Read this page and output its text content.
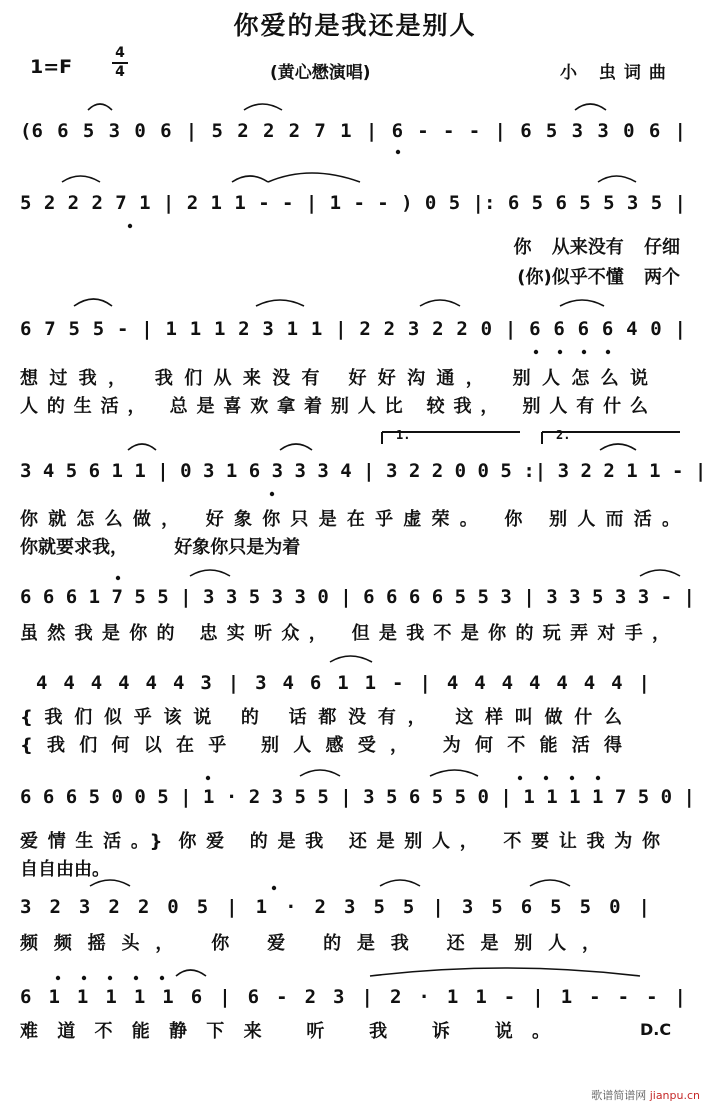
你爱的是我还是别人
1=F
4
4	(黄心懋演唱)	小 虫词曲
(6 6 5 3 0 6 | 5 2 2 2 7 1 | 6 - - - | 6 5 3 3 0 6 |
5 2 2 2 7 1 | 2 1 1 - - | 1 - - ) 0 5 |: 6 5 6 5 5 3 5 |
你 从来没有 仔细
(你)似乎不懂 两个
6 7 5 5 - | 1 1 1 2 3 1 1 | 2 2 3 2 2 0 | 6 6 6 6 4 0 |
想过我， 我们从来没有 好好沟通， 别人怎么说
人的生活， 总是喜欢拿着别人比 较我， 别人有什么
1.	2.
3 4 5 6 1 1 | 0 3 1 6 3 3 3 4 | 3 2 2 0 0 5 :| 3 2 2 1 1 - |
你就怎么做， 好象你只是在乎虚荣。 你 别人而活。
你就要求我， 好象你只是为着
6 6 6 1 7 5 5 | 3 3 5 3 3 0 | 6 6 6 6 5 5 3 | 3 3 5 3 3 - |
虽然我是你的 忠实听众， 但是我不是你的玩弄对手，
4 4 4 4 4 4 3 | 3 4 6 1 1 - | 4 4 4 4 4 4 4 |
{我们似乎该说 的 话都没有， 这样叫做什么
{我们何以在乎 别人感受， 为何不能活得
6 6 6 5 0 0 5 | 1 · 2 3 5 5 | 3 5 6 5 5 0 | 1 1 1 1 7 5 0 |
爱情生活。} 你爱 的是我 还是别人， 不要让我为你
自自由由。
3 2 3 2 2 0 5 | 1 · 2 3 5 5 | 3 5 6 5 5 0 |
频频摇头， 你 爱 的是我 还是别人，
6 1 1 1 1 1 6 | 6 - 2 3 | 2 · 1 1 - | 1 - - - |
难道不能静下来 听 我 诉 说。	D.C
歌谱简谱网 jianpu.cn
